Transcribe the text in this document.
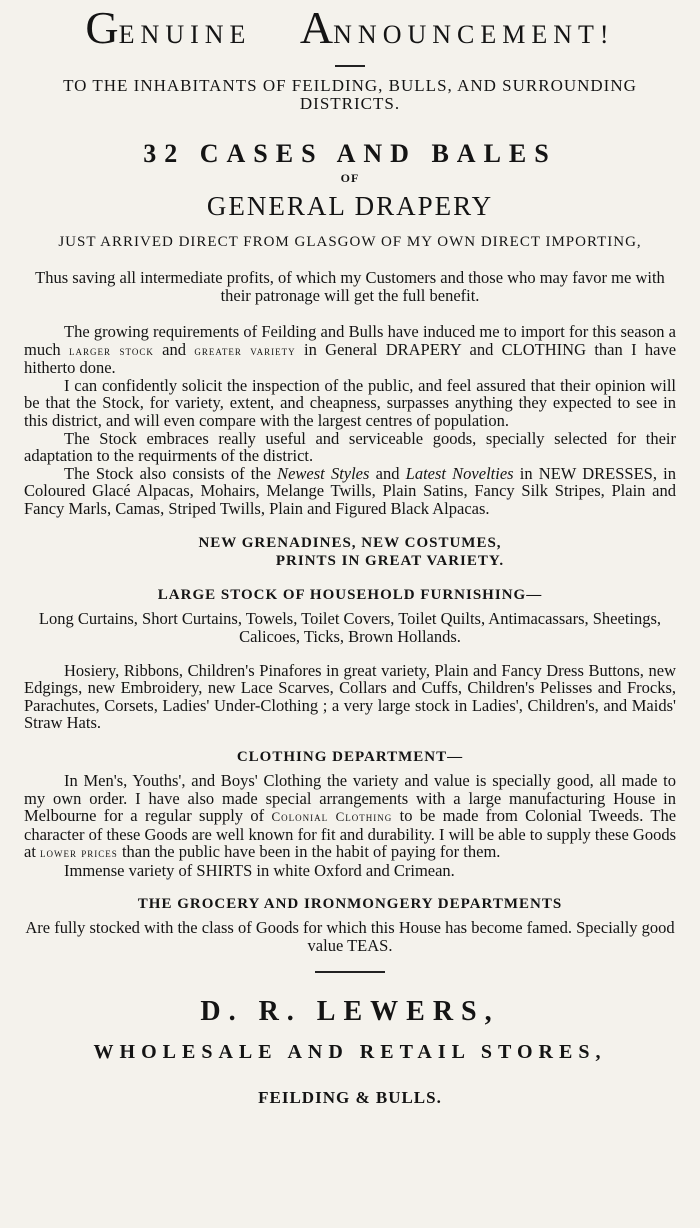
GENUINE ANNOUNCEMENT!

TO THE INHABITANTS OF FEILDING, BULLS, AND SURROUNDING DISTRICTS.

32 CASES AND BALES

OF

GENERAL DRAPERY

JUST ARRIVED DIRECT FROM GLASGOW OF MY OWN DIRECT IMPORTING,

Thus saving all intermediate profits, of which my Customers and those who may favor me with their patronage will get the full benefit.

The growing requirements of Feilding and Bulls have induced me to import for this season a much larger stock and greater variety in General DRAPERY and CLOTHING than I have hitherto done.

I can confidently solicit the inspection of the public, and feel assured that their opinion will be that the Stock, for variety, extent, and cheapness, surpasses anything they expected to see in this district, and will even compare with the largest centres of population.

The Stock embraces really useful and serviceable goods, specially selected for their adaptation to the requirments of the district.

The Stock also consists of the Newest Styles and Latest Novelties in NEW DRESSES, in Coloured Glacé Alpacas, Mohairs, Melange Twills, Plain Satins, Fancy Silk Stripes, Plain and Fancy Marls, Camas, Striped Twills, Plain and Figured Black Alpacas.

NEW GRENADINES, NEW COSTUMES,

PRINTS IN GREAT VARIETY.

LARGE STOCK OF HOUSEHOLD FURNISHING—

Long Curtains, Short Curtains, Towels, Toilet Covers, Toilet Quilts, Antimacassars, Sheetings, Calicoes, Ticks, Brown Hollands.

Hosiery, Ribbons, Children's Pinafores in great variety, Plain and Fancy Dress Buttons, new Edgings, new Embroidery, new Lace Scarves, Collars and Cuffs, Children's Pelisses and Frocks, Parachutes, Corsets, Ladies' Under-Clothing ; a very large stock in Ladies', Children's, and Maids' Straw Hats.

CLOTHING DEPARTMENT—

In Men's, Youths', and Boys' Clothing the variety and value is specially good, all made to my own order. I have also made special arrangements with a large manufacturing House in Melbourne for a regular supply of Colonial Clothing to be made from Colonial Tweeds. The character of these Goods are well known for fit and durability. I will be able to supply these Goods at lower prices than the public have been in the habit of paying for them.

Immense variety of SHIRTS in white Oxford and Crimean.

THE GROCERY AND IRONMONGERY DEPARTMENTS

Are fully stocked with the class of Goods for which this House has become famed. Specially good value TEAS.

D. R. LEWERS,

WHOLESALE AND RETAIL STORES,

FEILDING & BULLS.
